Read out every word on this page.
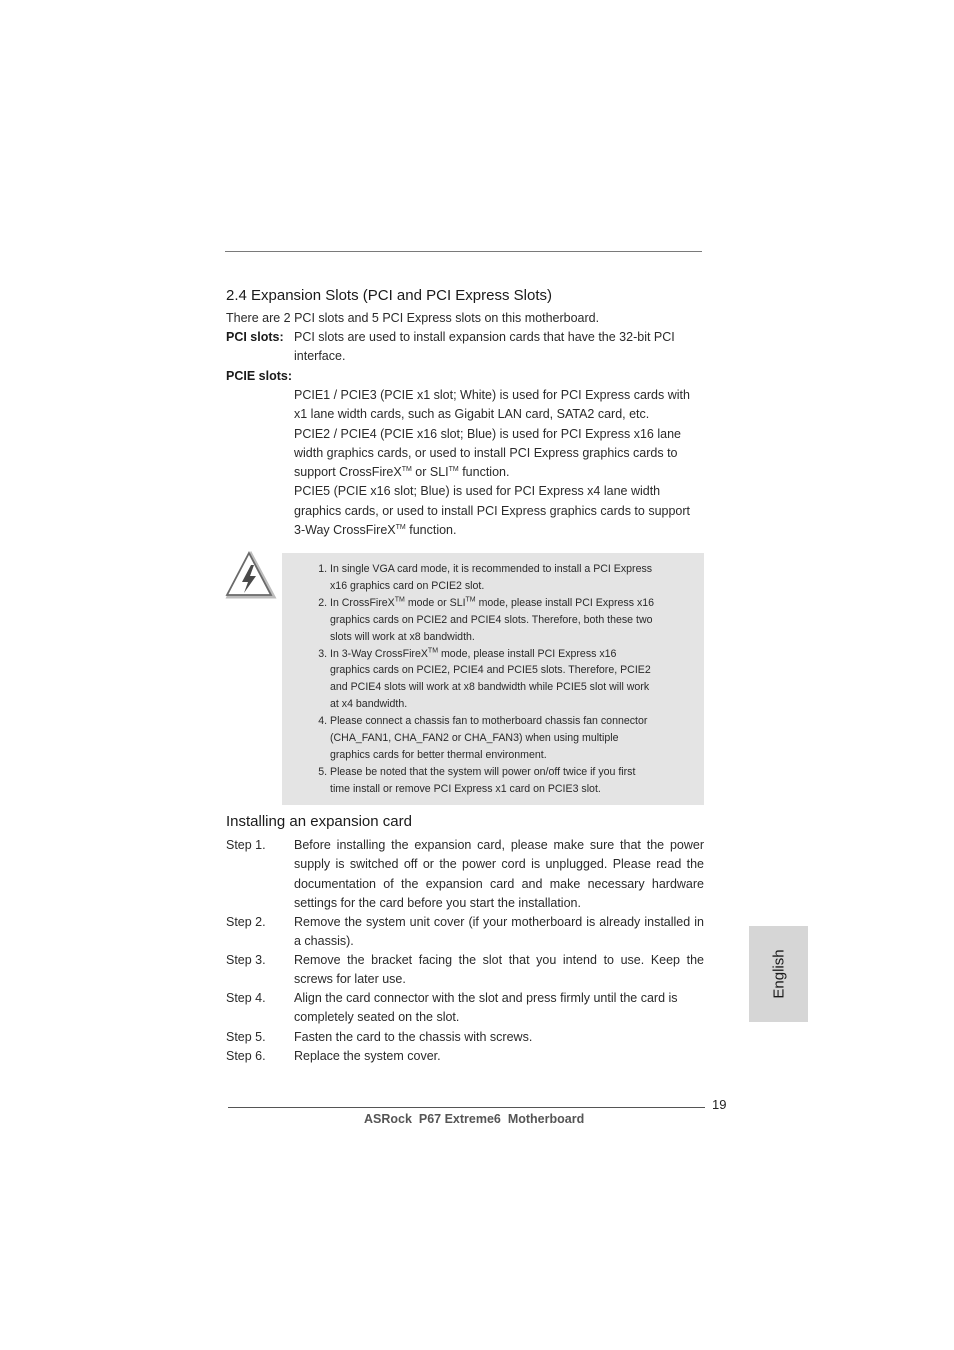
2.4 Expansion Slots (PCI and PCI Express Slots)
There are 2 PCI slots and 5 PCI Express slots on this motherboard.
PCI slots: PCI slots are used to install expansion cards that have the 32-bit PCI
interface.
PCIE slots:
PCIE1 / PCIE3 (PCIE x1 slot; White) is used for PCI Express cards with
x1 lane width cards, such as Gigabit LAN card, SATA2 card, etc.
PCIE2 / PCIE4 (PCIE x16 slot; Blue) is used for PCI Express x16 lane
width graphics cards, or used to install PCI Express graphics cards to
support CrossFireX™ or SLI™ function.
PCIE5 (PCIE x16 slot; Blue) is used for PCI Express x4 lane width
graphics cards, or used to install PCI Express graphics cards to support
3-Way CrossFireX™ function.
1. In single VGA card mode, it is recommended to install a PCI Express
x16 graphics card on PCIE2 slot.
2. In CrossFireX™ mode or SLI™ mode, please install PCI Express x16
graphics cards on PCIE2 and PCIE4 slots. Therefore, both these two
slots will work at x8 bandwidth.
3. In 3-Way CrossFireX™ mode, please install PCI Express x16
graphics cards on PCIE2, PCIE4 and PCIE5 slots. Therefore, PCIE2
and PCIE4 slots will work at x8 bandwidth while PCIE5 slot will work
at x4 bandwidth.
4. Please connect a chassis fan to motherboard chassis fan connector
(CHA_FAN1, CHA_FAN2 or CHA_FAN3) when using multiple
graphics cards for better thermal environment.
5. Please be noted that the system will power on/off twice if you first
time install or remove PCI Express x1 card on PCIE3 slot.
Installing an expansion card
Step 1. Before installing the expansion card, please make sure that the power supply is switched off or the power cord is unplugged. Please read the documentation of the expansion card and make necessary hardware settings for the card before you start the installation.
Step 2. Remove the system unit cover (if your motherboard is already installed in a chassis).
Step 3. Remove the bracket facing the slot that you intend to use. Keep the screws for later use.
Step 4. Align the card connector with the slot and press firmly until the card is completely seated on the slot.
Step 5. Fasten the card to the chassis with screws.
Step 6. Replace the system cover.
English
19
ASRock  P67 Extreme6  Motherboard
